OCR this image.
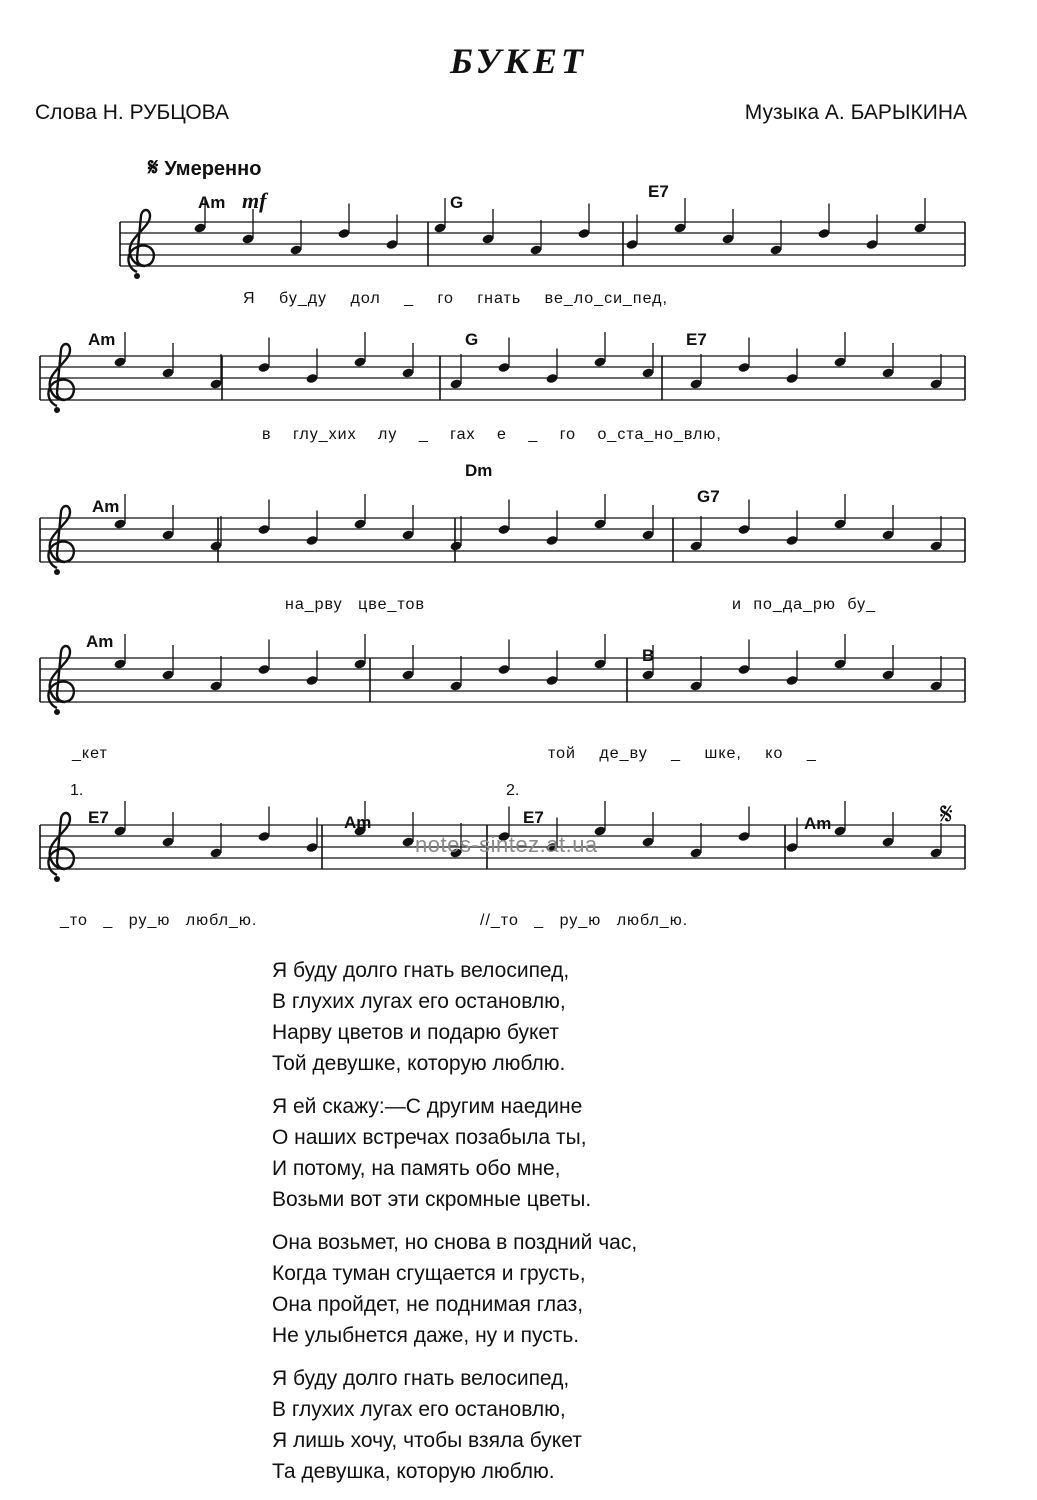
БУКЕТ
Слова Н. РУБЦОВА	Музыка А. БАРЫКИНА
𝄋 Умеренно
Am mf	G
E7
Am	G	E7
Am
Dm
G7
Am
B
E7	Am	E7	Am
1.	2.
𝄋
Я бу_ду дол _ го гнать ве_ло_си_пед,
в глу_хих лу _ гах е _ го о_ста_но_влю,
на_рву цве_тов	и по_да_рю бу_
_кет	той де_ву _ шке, ко _
_то _ ру_ю любл_ю.	//_то _ ру_ю любл_ю.
notes-sintez.at.ua
Я буду долго гнать велосипед,
В глухих лугах его остановлю,
Нарву цветов и подарю букет
Той девушке, которую люблю.
Я ей скажу:—С другим наедине
О наших встречах позабыла ты,
И потому, на память обо мне,
Возьми вот эти скромные цветы.
Она возьмет, но снова в поздний час,
Когда туман сгущается и грусть,
Она пройдет, не поднимая глаз,
Не улыбнется даже, ну и пусть.
Я буду долго гнать велосипед,
В глухих лугах его остановлю,
Я лишь хочу, чтобы взяла букет
Та девушка, которую люблю.
